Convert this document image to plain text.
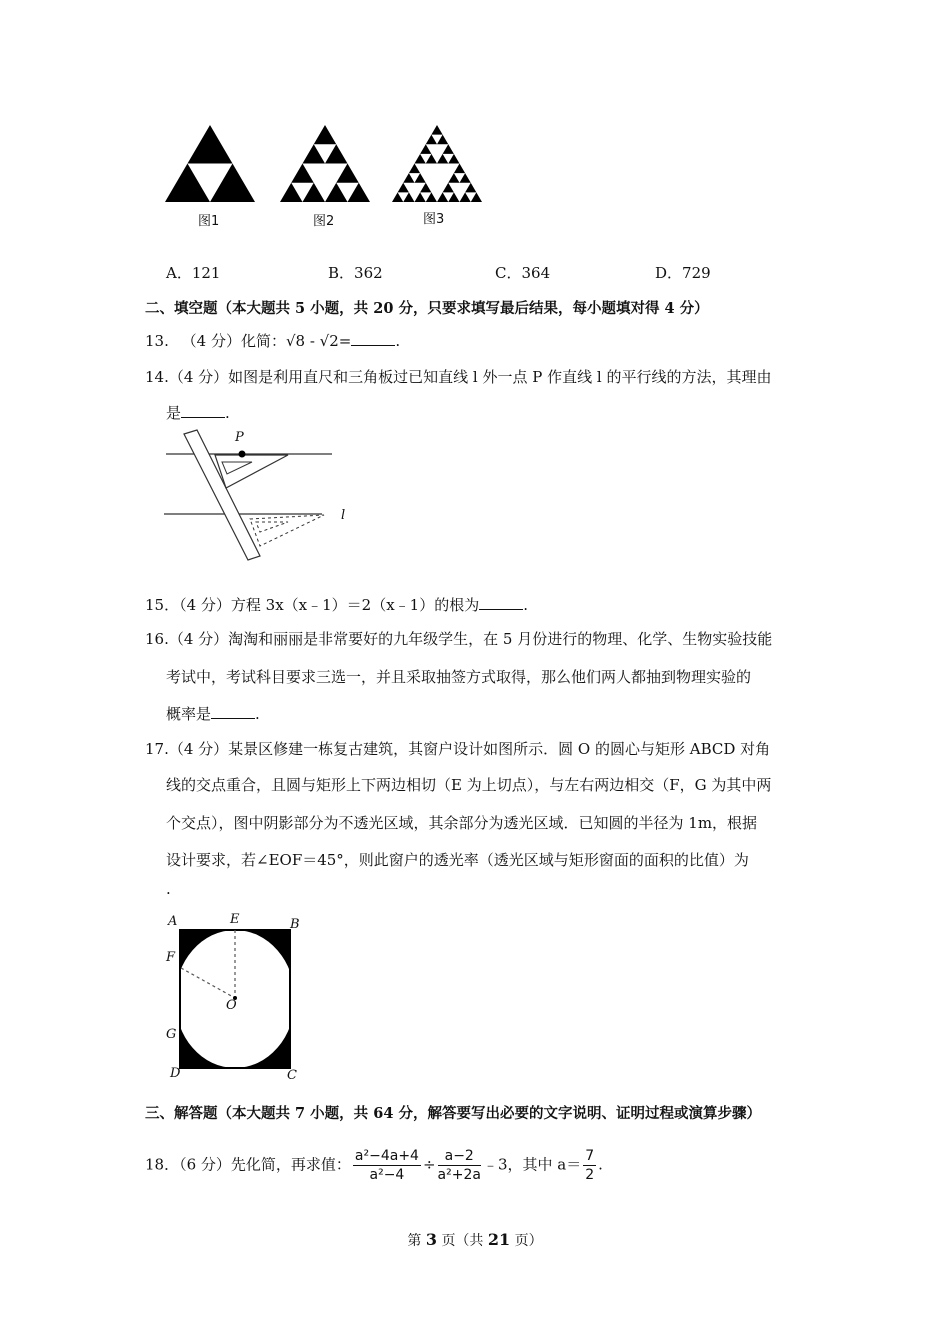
图1	图2	图3
A．121	B．362	C．364	D．729
二、填空题（本大题共 5 小题，共 20 分，只要求填写最后结果，每小题填对得 4 分）
13. （4 分）化简：√8 - √2=	.
14.（4 分）如图是利用直尺和三角板过已知直线 l 外一点 P 作直线 l 的平行线的方法，其理由
是	.
P
l
15．（4 分）方程 3x（x﹣1）＝2（x﹣1）的根为	.
16.（4 分）淘淘和丽丽是非常要好的九年级学生，在 5 月份进行的物理、化学、生物实验技能
考试中，考试科目要求三选一，并且采取抽签方式取得，那么他们两人都抽到物理实验的
概率是	.
17.（4 分）某景区修建一栋复古建筑，其窗户设计如图所示．圆 O 的圆心与矩形 ABCD 对角
线的交点重合，且圆与矩形上下两边相切（E 为上切点），与左右两边相交（F，G 为其中两
个交点），图中阴影部分为不透光区域，其余部分为透光区域．已知圆的半径为 1m，根据
设计要求，若∠EOF＝45°，则此窗户的透光率（透光区域与矩形窗面的面积的比值）为
.
A	E	B
F
O
G
D	C
三、解答题（本大题共 7 小题，共 64 分，解答要写出必要的文字说明、证明过程或演算步骤）
18．（6 分）先化简，再求值： $\frac{\text{a²−4a+4}}{\text{a²−4}} \div \frac{a-2}{\text{a²+2a}}$ ﹣3，其中 $a= \frac{7}{2}$ .
第 3 页（共 21 页）
